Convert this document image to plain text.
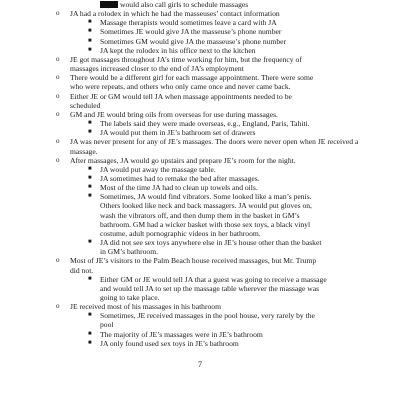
would also call girls to schedule massages
o JA had a rolodex in which he had the masseuses’ contact information
■ Massage therapists would sometimes leave a card with JA
■ Sometimes JE would give JA the masseuse’s phone number
■ Sometimes GM would give JA the masseuse’s phone number
■ JA kept the rolodex in his office next to the kitchen
o JE got massages throughout JA’s time working for him, but the frequency of
massages increased closer to the end of JA’s employment
o There would be a different girl for each massage appointment. There were some
who were repeats, and others who only came once and never came back.
o Either JE or GM would tell JA when massage appointments needed to be
scheduled
o GM and JE would bring oils from overseas for use during massages.
■ The labels said they were made overseas, e.g., England, Paris, Tahiti.
■ JA would put them in JE’s bathroom set of drawers
o JA was never present for any of JE’s massages. The doors were never open when JE received a massage.
o After massages, JA would go upstairs and prepare JE’s room for the night.
■ JA would put away the massage table.
■ JA sometimes had to remake the bed after massages.
■ Most of the time JA had to clean up towels and oils.
■ Sometimes, JA would find vibrators. Some looked like a man’s penis.
Others looked like neck and back massagers. JA would put gloves on,
wash the vibrators off, and then dump them in the basket in GM’s
bathroom. GM had a wicker basket with those sex toys, a black vinyl
costume, adult pornographic videos in her bathroom.
■ JA did not see sex toys anywhere else in JE’s house other than the basket
in GM’s bathroom.
o Most of JE’s visitors to the Palm Beach house received massages, but Mr. Trump
did not.
■ Either GM or JE would tell JA that a guest was going to receive a massage
and would tell JA to set up the massage table wherever the massage was
going to take place.
o JE received most of his massages in his bathroom
■ Sometimes, JE received massages in the pool house, very rarely by the
pool
■ The majority of JE’s massages were in JE’s bathroom
■ JA only found used sex toys in JE’s bathroom
7
